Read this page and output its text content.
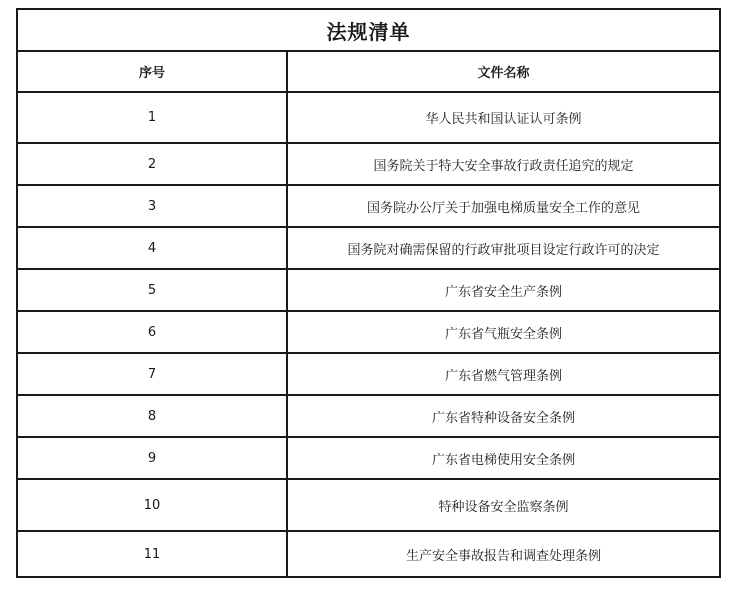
法规清单	
序号	文件名称
1	华人民共和国认证认可条例
2	国务院关于特大安全事故行政责任追究的规定
3	国务院办公厅关于加强电梯质量安全工作的意见
4	国务院对确需保留的行政审批项目设定行政许可的决定
5	广东省安全生产条例
6	广东省气瓶安全条例
7	广东省燃气管理条例
8	广东省特种设备安全条例
9	广东省电梯使用安全条例
10	特种设备安全监察条例
11	生产安全事故报告和调查处理条例
